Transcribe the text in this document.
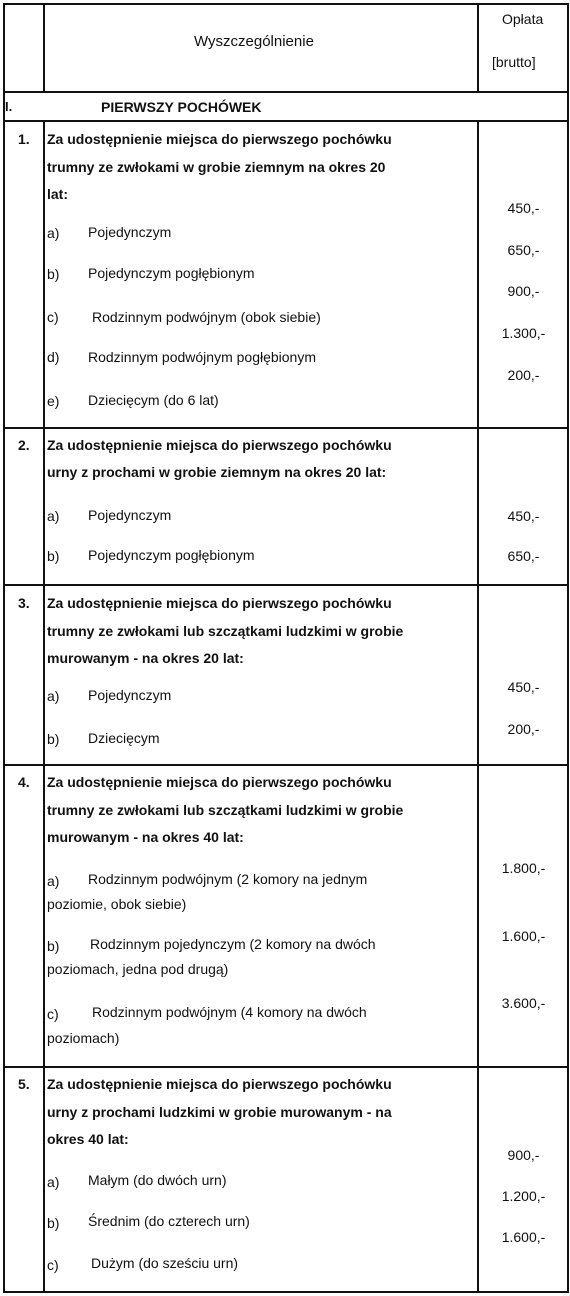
Wyszczególnienie
Opłata
[brutto]
I.	PIERWSZY POCHÓWEK
1. Za udostępnienie miejsca do pierwszego pochówku
trumny ze zwłokami w grobie ziemnym na okres 20
lat:
a) Pojedynczym
b) Pojedynczym pogłębionym
c) Rodzinnym podwójnym (obok siebie)
d) Rodzinnym podwójnym pogłębionym
e) Dziecięcym (do 6 lat)
450,-
650,-
900,-
1.300,-
200,-
2. Za udostępnienie miejsca do pierwszego pochówku
urny z prochami w grobie ziemnym na okres 20 lat:
a) Pojedynczym
b) Pojedynczym pogłębionym
450,-
650,-
3. Za udostępnienie miejsca do pierwszego pochówku
trumny ze zwłokami lub szczątkami ludzkimi w grobie
murowanym - na okres 20 lat:
a) Pojedynczym
b) Dziecięcym
450,-
200,-
4. Za udostępnienie miejsca do pierwszego pochówku
trumny ze zwłokami lub szczątkami ludzkimi w grobie
murowanym - na okres 40 lat:
a) Rodzinnym podwójnym (2 komory na jednym
poziomie, obok siebie)
b) Rodzinnym pojedynczym (2 komory na dwóch
poziomach, jedna pod drugą)
c) Rodzinnym podwójnym (4 komory na dwóch
poziomach)
1.800,-
1.600,-
3.600,-
5. Za udostępnienie miejsca do pierwszego pochówku
urny z prochami ludzkimi w grobie murowanym - na
okres 40 lat:
a) Małym (do dwóch urn)
b) Średnim (do czterech urn)
c) Dużym (do sześciu urn)
900,-
1.200,-
1.600,-
